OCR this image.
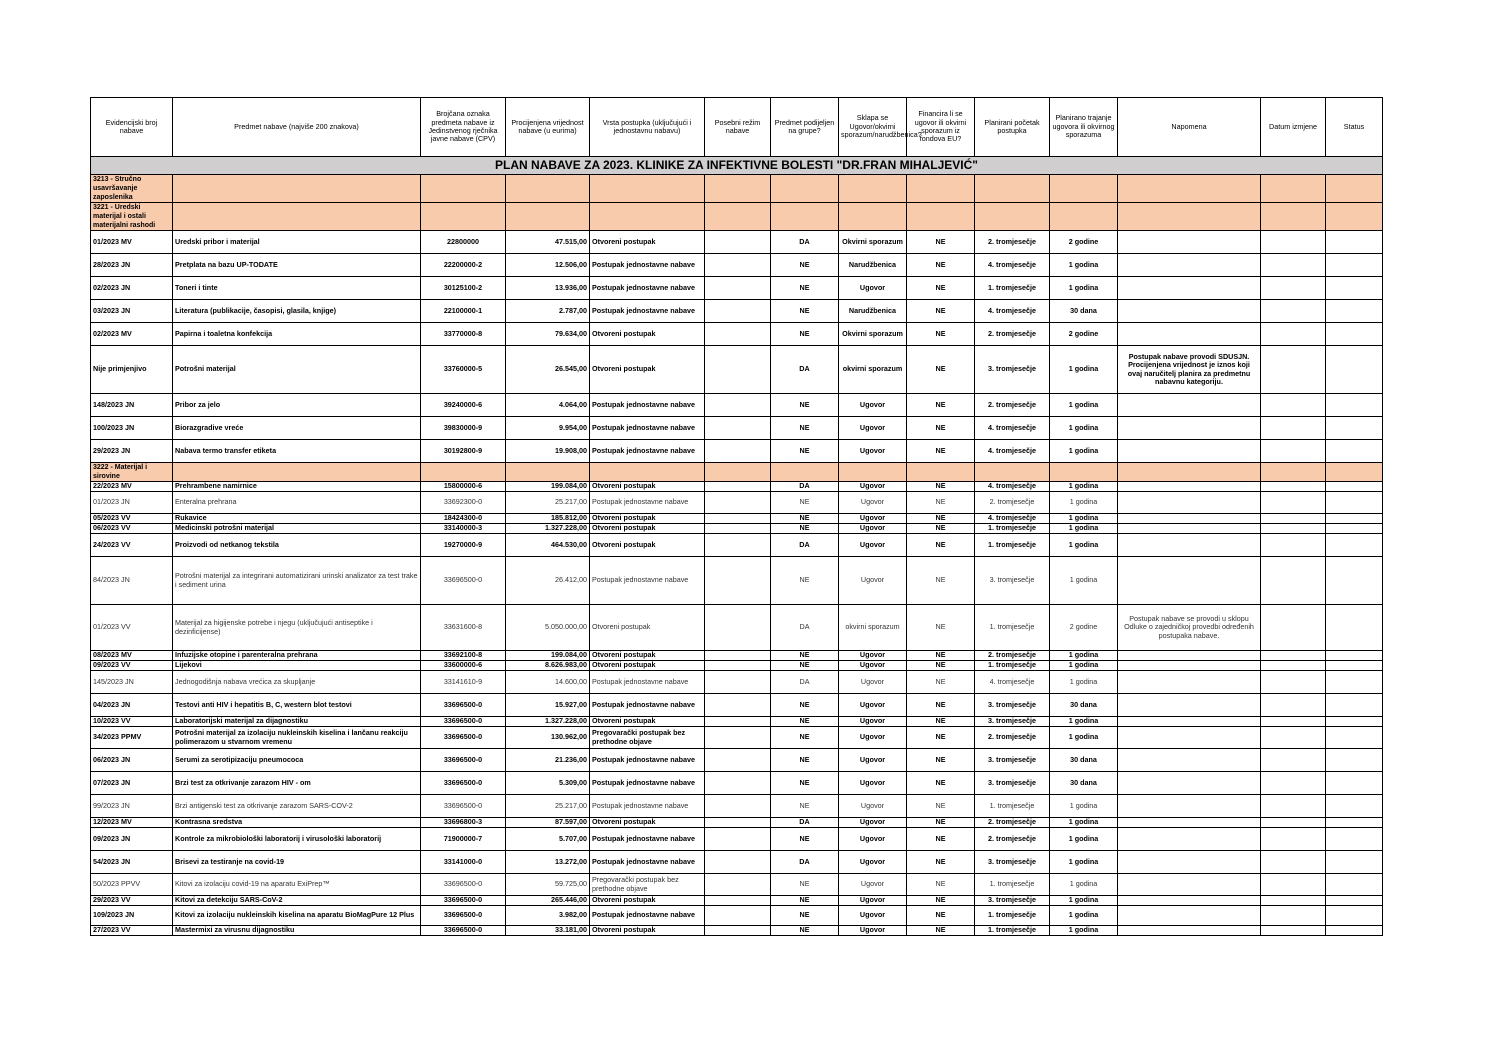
PLAN NABAVE ZA 2023. KLINIKE ZA INFEKTIVNE BOLESTI "DR.FRAN MIHALJEVIĆ"													
Evidencijski broj nabave	Predmet nabave (najviše 200 znakova)	Brojčana oznaka predmeta nabave iz Jedinstvenog rječnika javne nabave (CPV)	Procijenjena vrijednost nabave (u eurima)	Vrsta postupka (uključujući i jednostavnu nabavu)	Posebni režim nabave	Predmet podijeljen na grupe?	Sklapa se Ugovor/okvirni sporazum/narudžbenica?	Financira li se ugovor ili okvirni sporazum iz fondova EU?	Planirani početak postupka	Planirano trajanje ugovora ili okvirnog sporazuma	Napomena	Datum izmjene	Status
3213 - Stručno usavršavanje zaposlenika													
3221 - Uredski materijal i ostali materijalni rashodi													
01/2023 MV	Uredski pribor i materijal	22800000	47.515,00	Otvoreni postupak		DA	Okvirni sporazum	NE	2. tromjesečje	2 godine			
28/2023 JN	Pretplata na bazu UP-TODATE	22200000-2	12.506,00	Postupak jednostavne nabave		NE	Narudžbenica	NE	4. tromjesečje	1 godina			
02/2023 JN	Toneri i tinte	30125100-2	13.936,00	Postupak jednostavne nabave		NE	Ugovor	NE	1. tromjesečje	1 godina			
03/2023 JN	Literatura (publikacije, časopisi, glasila, knjige)	22100000-1	2.787,00	Postupak jednostavne nabave		NE	Narudžbenica	NE	4. tromjesečje	30 dana			
02/2023 MV	Papirna i toaletna konfekcija	33770000-8	79.634,00	Otvoreni postupak		NE	Okvirni sporazum	NE	2. tromjesečje	2 godine			
Nije primjenjivo	Potrošni materijal	33760000-5	26.545,00	Otvoreni postupak		DA	okvirni sporazum	NE	3. tromjesečje	1 godina	Postupak nabave provodi SDUSJN. Procijenjena vrijednost je iznos koji ovaj naručitelj planira za predmetnu nabavnu kategoriju.		
148/2023 JN	Pribor za jelo	39240000-6	4.064,00	Postupak jednostavne nabave		NE	Ugovor	NE	2. tromjesečje	1 godina			
100/2023 JN	Biorazgradive vreće	39830000-9	9.954,00	Postupak jednostavne nabave		NE	Ugovor	NE	4. tromjesečje	1 godina			
29/2023 JN	Nabava termo transfer etiketa	30192800-9	19.908,00	Postupak jednostavne nabave		NE	Ugovor	NE	4. tromjesečje	1 godina			
3222 - Materijal i sirovine													
22/2023 MV	Prehrambene namirnice	15800000-6	199.084,00	Otvoreni postupak		DA	Ugovor	NE	4. tromjesečje	1 godina			
01/2023 JN	Enteralna prehrana	33692300-0	25.217,00	Postupak jednostavne nabave		NE	Ugovor	NE	2. tromjesečje	1 godina			
05/2023 VV	Rukavice	18424300-0	185.812,00	Otvoreni postupak		NE	Ugovor	NE	4. tromjesečje	1 godina			
06/2023 VV	Medicinski potrošni materijal	33140000-3	1.327.228,00	Otvoreni postupak		NE	Ugovor	NE	1. tromjesečje	1 godina			
24/2023 VV	Proizvodi od netkanog tekstila	19270000-9	464.530,00	Otvoreni postupak		DA	Ugovor	NE	1. tromjesečje	1 godina			
84/2023 JN	Potrošni materijal za integrirani automatizirani urinski analizator za test trake i sediment urina	33696500-0	26.412,00	Postupak jednostavne nabave		NE	Ugovor	NE	3. tromjesečje	1 godina			
01/2023 VV	Materijal za higijenske potrebe i njegu (uključujući antiseptike i dezinficijense)	33631600-8	5.050.000,00	Otvoreni postupak		DA	okvirni sporazum	NE	1. tromjesečje	2 godine	Postupak nabave se provodi u sklopu Odluke o zajedničkoj provedbi određenih postupaka nabave.		
08/2023 MV	Infuzijske otopine i parenteralna prehrana	33692100-8	199.084,00	Otvoreni postupak		NE	Ugovor	NE	2. tromjesečje	1 godina			
09/2023 VV	Lijekovi	33600000-6	8.626.983,00	Otvoreni postupak		NE	Ugovor	NE	1. tromjesečje	1 godina			
145/2023 JN	Jednogodišnja nabava vrećica za skupljanje	33141610-9	14.600,00	Postupak jednostavne nabave		DA	Ugovor	NE	4. tromjesečje	1 godina			
04/2023 JN	Testovi anti HIV i hepatitis B, C, western blot testovi	33696500-0	15.927,00	Postupak jednostavne nabave		NE	Ugovor	NE	3. tromjesečje	30 dana			
10/2023 VV	Laboratorijski materijal za dijagnostiku	33696500-0	1.327.228,00	Otvoreni postupak		NE	Ugovor	NE	3. tromjesečje	1 godina			
34/2023 PPMV	Potrošni materijal za izolaciju nukleinskih kiselina i lančanu reakciju polimerazom u stvarnom vremenu	33696500-0	130.962,00	Pregovarački postupak bez prethodne objave		NE	Ugovor	NE	2. tromjesečje	1 godina			
06/2023 JN	Serumi za serotipizaciju pneumococa	33696500-0	21.236,00	Postupak jednostavne nabave		NE	Ugovor	NE	3. tromjesečje	30 dana			
07/2023 JN	Brzi test za otkrivanje zarazom HIV - om	33696500-0	5.309,00	Postupak jednostavne nabave		NE	Ugovor	NE	3. tromjesečje	30 dana			
99/2023 JN	Brzi antigenski test za otkrivanje zarazom SARS-COV-2	33696500-0	25.217,00	Postupak jednostavne nabave		NE	Ugovor	NE	1. tromjesečje	1 godina			
12/2023 MV	Kontrasna sredstva	33696800-3	87.597,00	Otvoreni postupak		DA	Ugovor	NE	2. tromjesečje	1 godina			
09/2023 JN	Kontrole za mikrobiološki laboratorij i virusološki laboratorij	71900000-7	5.707,00	Postupak jednostavne nabave		NE	Ugovor	NE	2. tromjesečje	1 godina			
54/2023 JN	Brisevi za testiranje na covid-19	33141000-0	13.272,00	Postupak jednostavne nabave		DA	Ugovor	NE	3. tromjesečje	1 godina			
50/2023 PPVV	Kitovi za izolaciju covid-19 na aparatu ExiPrep™	33696500-0	59.725,00	Pregovarački postupak bez prethodne objave		NE	Ugovor	NE	1. tromjesečje	1 godina			
29/2023 VV	Kitovi za detekciju SARS-CoV-2	33696500-0	265.446,00	Otvoreni postupak		NE	Ugovor	NE	3. tromjesečje	1 godina			
109/2023 JN	Kitovi za izolaciju nukleinskih kiselina na aparatu BioMagPure 12 Plus	33696500-0	3.982,00	Postupak jednostavne nabave		NE	Ugovor	NE	1. tromjesečje	1 godina			
27/2023 VV	Mastermixi za virusnu dijagnostiku	33696500-0	33.181,00	Otvoreni postupak		NE	Ugovor	NE	1. tromjesečje	1 godina			
